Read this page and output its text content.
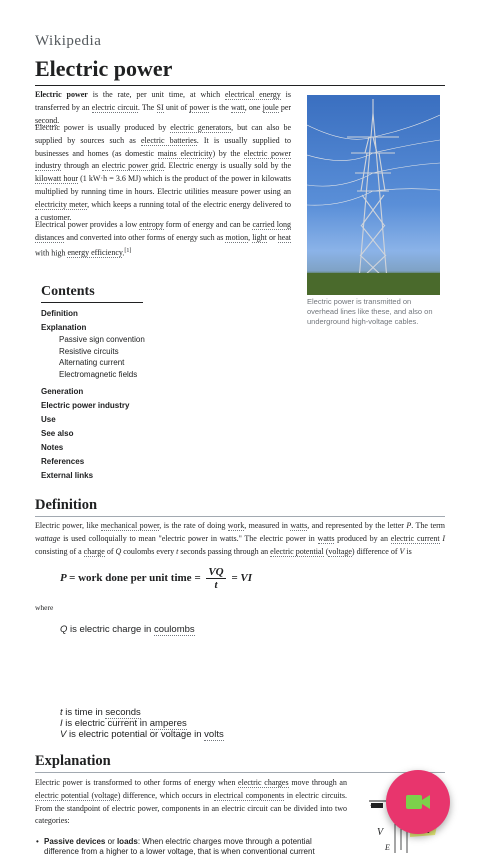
Wikipedia
Electric power
Electric power is the rate, per unit time, at which electrical energy is transferred by an electric circuit. The SI unit of power is the watt, one joule per second.
Electric power is usually produced by electric generators, but can also be supplied by sources such as electric batteries. It is usually supplied to businesses and homes (as domestic mains electricity) by the electric power industry through an electric power grid. Electric energy is usually sold by the kilowatt hour (1 kW·h = 3.6 MJ) which is the product of the power in kilowatts multiplied by running time in hours. Electric utilities measure power using an electricity meter, which keeps a running total of the electric energy delivered to a customer.
Electrical power provides a low entropy form of energy and can be carried long distances and converted into other forms of energy such as motion, light or heat with high energy efficiency.[1]
Electric power is transmitted on overhead lines like these, and also on underground high-voltage cables.
Contents
Definition
Explanation
Passive sign convention
Resistive circuits
Alternating current
Electromagnetic fields
Generation
Electric power industry
Use
See also
Notes
References
External links
Definition
Electric power, like mechanical power, is the rate of doing work, measured in watts, and represented by the letter P. The term wattage is used colloquially to mean "electric power in watts." The electric power in watts produced by an electric current I consisting of a charge of Q coulombs every t seconds passing through an electric potential (voltage) difference of V is
P = work done per unit time = $\frac{VQ}{t}$ = VI
where
Q is electric charge in coulombs
t is time in seconds
I is electric current in amperes
V is electric potential or voltage in volts
Explanation
Electric power is transformed to other forms of energy when electric charges move through an electric potential (voltage) difference, which occurs in electrical components in electric circuits. From the standpoint of electric power, components in an electric circuit can be divided into two categories:
• Passive devices or loads: When electric charges move through a potential difference from a higher to a lower voltage, that is when conventional current
+
V
E
